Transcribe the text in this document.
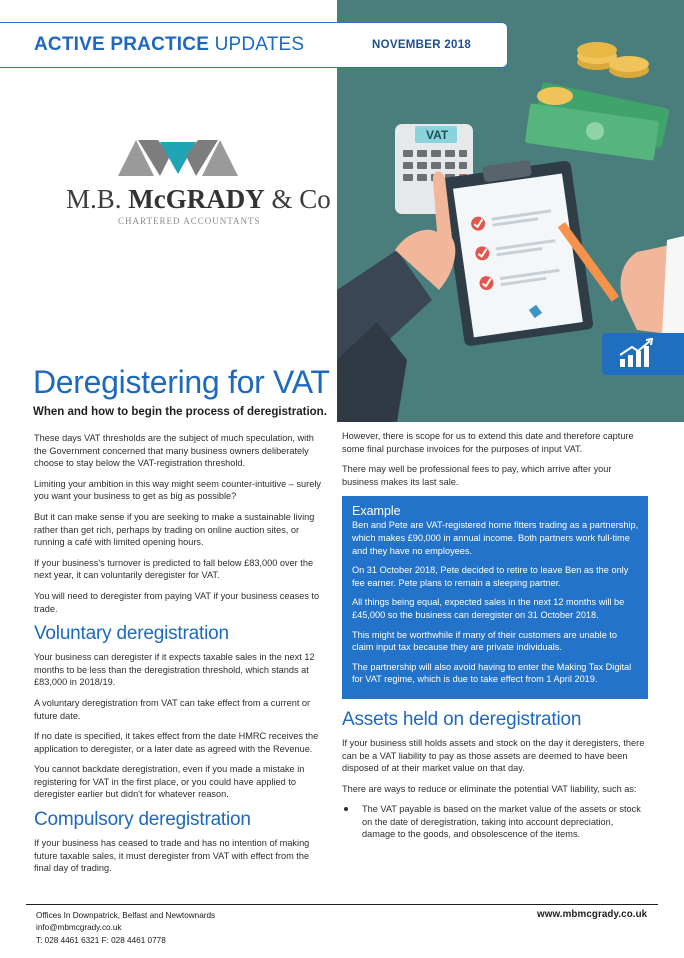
VAT
ACTIVE PRACTICE UPDATES	NOVEMBER 2018
M.B. McGRADY & Co
CHARTERED ACCOUNTANTS
Deregistering for VAT
When and how to begin the process of deregistration.

These days VAT thresholds are the subject of much speculation, with the Government concerned that many business owners deliberately choose to stay below the VAT-registration threshold.

Limiting your ambition in this way might seem counter-intuitive – surely you want your business to get as big as possible?

But it can make sense if you are seeking to make a sustainable living rather than get rich, perhaps by trading on online auction sites, or running a café with limited opening hours.

If your business's turnover is predicted to fall below £83,000 over the next year, it can voluntarily deregister for VAT.

You will need to deregister from paying VAT if your business ceases to trade.

Voluntary deregistration

Your business can deregister if it expects taxable sales in the next 12 months to be less than the deregistration threshold, which stands at £83,000 in 2018/19.

A voluntary deregistration from VAT can take effect from a current or future date.

If no date is specified, it takes effect from the date HMRC receives the application to deregister, or a later date as agreed with the Revenue.

You cannot backdate deregistration, even if you made a mistake in registering for VAT in the first place, or you could have applied to deregister earlier but didn't for whatever reason.

Compulsory deregistration

If your business has ceased to trade and has no intention of making future taxable sales, it must deregister from VAT with effect from the final day of trading.

However, there is scope for us to extend this date and therefore capture some final purchase invoices for the purposes of input VAT.

There may well be professional fees to pay, which arrive after your business makes its last sale.

Example

Ben and Pete are VAT-registered home fitters trading as a partnership, which makes £90,000 in annual income. Both partners work full-time and they have no employees.

On 31 October 2018, Pete decided to retire to leave Ben as the only fee earner. Pete plans to remain a sleeping partner.

All things being equal, expected sales in the next 12 months will be £45,000 so the business can deregister on 31 October 2018.

This might be worthwhile if many of their customers are unable to claim input tax because they are private individuals.

The partnership will also avoid having to enter the Making Tax Digital for VAT regime, which is due to take effect from 1 April 2019.

Assets held on deregistration

If your business still holds assets and stock on the day it deregisters, there can be a VAT liability to pay as those assets are deemed to have been disposed of at their market value on that day.

There are ways to reduce or eliminate the potential VAT liability, such as:

The VAT payable is based on the market value of the assets or stock on the date of deregistration, taking into account depreciation, damage to the goods, and obsolescence of the items.
Offices In Downpatrick, Belfast and Newtownards
info@mbmcgrady.co.uk
T: 028 4461 6321 F: 028 4461 0778
www.mbmcgrady.co.uk
